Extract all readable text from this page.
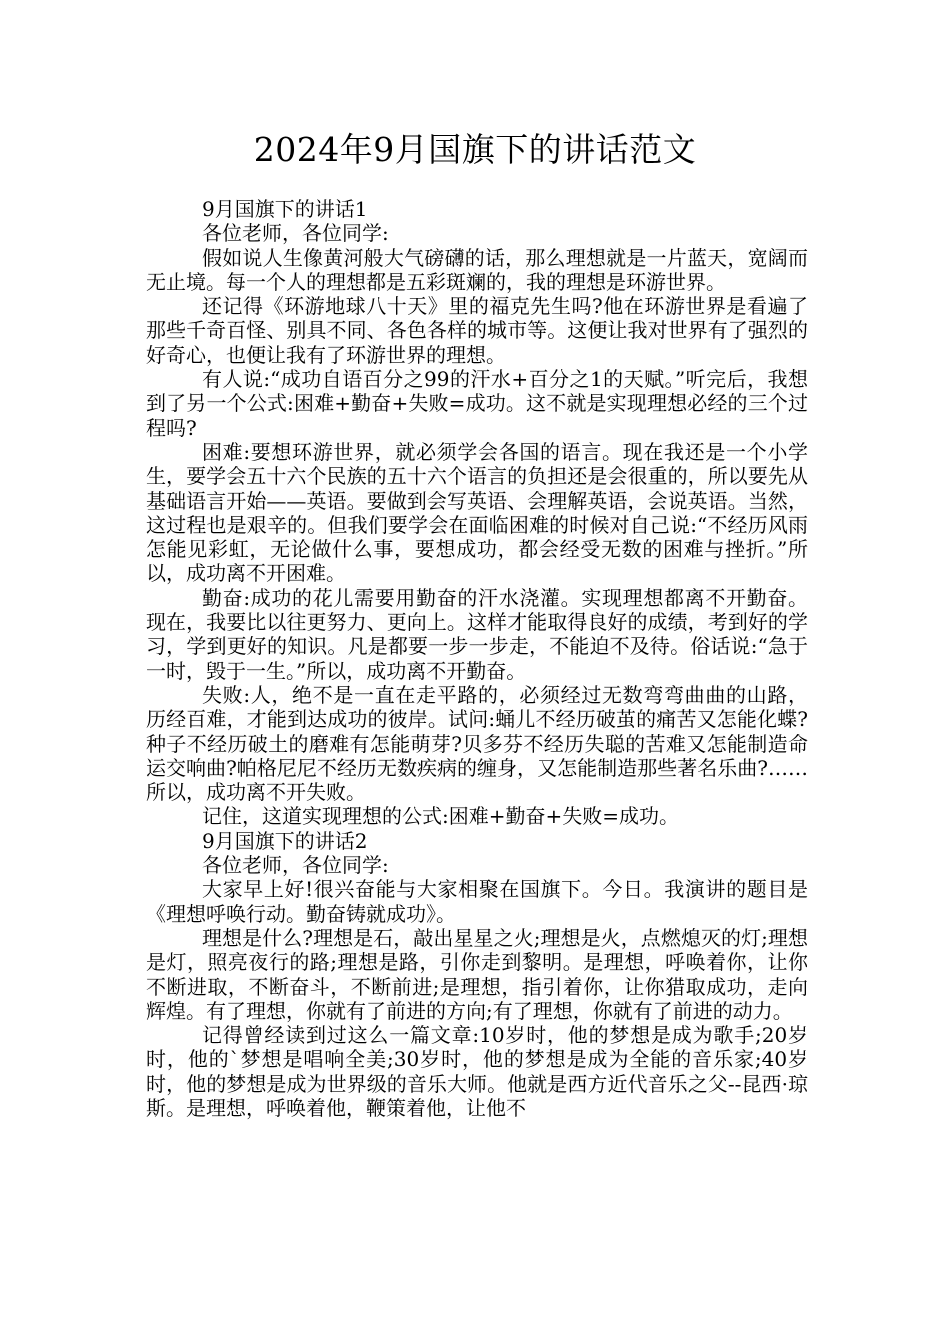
2024年9月国旗下的讲话范文

9月国旗下的讲话1

各位老师，各位同学:

假如说人生像黄河般大气磅礴的话，那么理想就是一片蓝天，宽阔而无止境。每一个人的理想都是五彩斑斓的，我的理想是环游世界。

还记得《环游地球八十天》里的福克先生吗?他在环游世界是看遍了那些千奇百怪、别具不同、各色各样的城市等。这便让我对世界有了强烈的好奇心，也便让我有了环游世界的理想。

有人说:“成功自语百分之99的汗水+百分之1的天赋。”听完后，我想到了另一个公式:困难+勤奋+失败=成功。这不就是实现理想必经的三个过程吗?

困难:要想环游世界，就必须学会各国的语言。现在我还是一个小学生，要学会五十六个民族的五十六个语言的负担还是会很重的，所以要先从基础语言开始——英语。要做到会写英语、会理解英语，会说英语。当然，这过程也是艰辛的。但我们要学会在面临困难的时候对自己说:“不经历风雨怎能见彩虹，无论做什么事，要想成功，都会经受无数的困难与挫折。”所以，成功离不开困难。

勤奋:成功的花儿需要用勤奋的汗水浇灌。实现理想都离不开勤奋。现在，我要比以往更努力、更向上。这样才能取得良好的成绩，考到好的学习，学到更好的知识。凡是都要一步一步走，不能迫不及待。俗话说:“急于一时，毁于一生。”所以，成功离不开勤奋。

失败:人，绝不是一直在走平路的，必须经过无数弯弯曲曲的山路，历经百难，才能到达成功的彼岸。试问:蛹儿不经历破茧的痛苦又怎能化蝶?种子不经历破土的磨难有怎能萌芽?贝多芬不经历失聪的苦难又怎能制造命运交响曲?帕格尼尼不经历无数疾病的缠身，又怎能制造那些著名乐曲?……所以，成功离不开失败。

记住，这道实现理想的公式:困难+勤奋+失败=成功。

9月国旗下的讲话2

各位老师，各位同学:

大家早上好!很兴奋能与大家相聚在国旗下。今日。我演讲的题目是《理想呼唤行动。勤奋铸就成功》。

理想是什么?理想是石，敲出星星之火;理想是火，点燃熄灭的灯;理想是灯，照亮夜行的路;理想是路，引你走到黎明。是理想，呼唤着你，让你不断进取，不断奋斗，不断前进;是理想，指引着你，让你猎取成功，走向辉煌。有了理想，你就有了前进的方向;有了理想，你就有了前进的动力。

记得曾经读到过这么一篇文章:10岁时，他的梦想是成为歌手;20岁时，他的`梦想是唱响全美;30岁时，他的梦想是成为全能的音乐家;40岁时，他的梦想是成为世界级的音乐大师。他就是西方近代音乐之父--昆西·琼斯。是理想，呼唤着他，鞭策着他，让他不
